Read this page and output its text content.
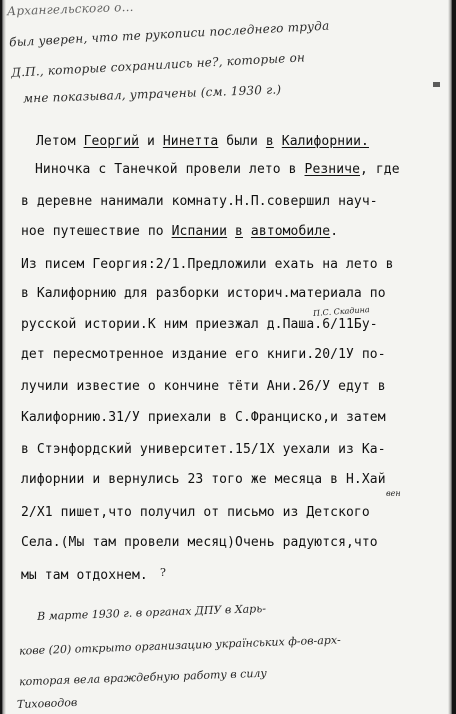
Архангельского о…
был уверен, что те рукописи последнего труда
Д.П., которые сохранились не?, которые он
мне показывал, утрачены (см. 1930 г.)
Летом Георгий и Нинетта были в Калифорнии.
Ниночка с Танечкой провели лето в Резниче, где
в деревне нанимали комнату.Н.П.совершил науч-
ное путешествие по Испании в автомобиле.
Из писем Георгия:2/1.Предложили ехать на лето в
в Калифорнию для разборки историч.материала по
русской истории.К ним приезжал д.Паша.6/11Бу-
дет пересмотренное издание его книги.20/1У по-
лучили известие о кончине тёти Ани.26/У едут в
Калифорнию.31/У приехали в С.Франциско,и затем
в Стэнфордский университет.15/1Х уехали из Ка-
лифорнии и вернулись 23 того же месяца в Н.Хай
2/Х1 пишет,что получил от письмо из Детского
Села.(Мы там провели месяц)Очень радуются,что
мы там отдохнем.
П.С. Скадина
вен
?
В марте 1930 г. в органах ДПУ в Харь-
кове (20) открыто организацию українських ф-ов-арх-
которая вела враждебную работу в силу
Тиховодов
